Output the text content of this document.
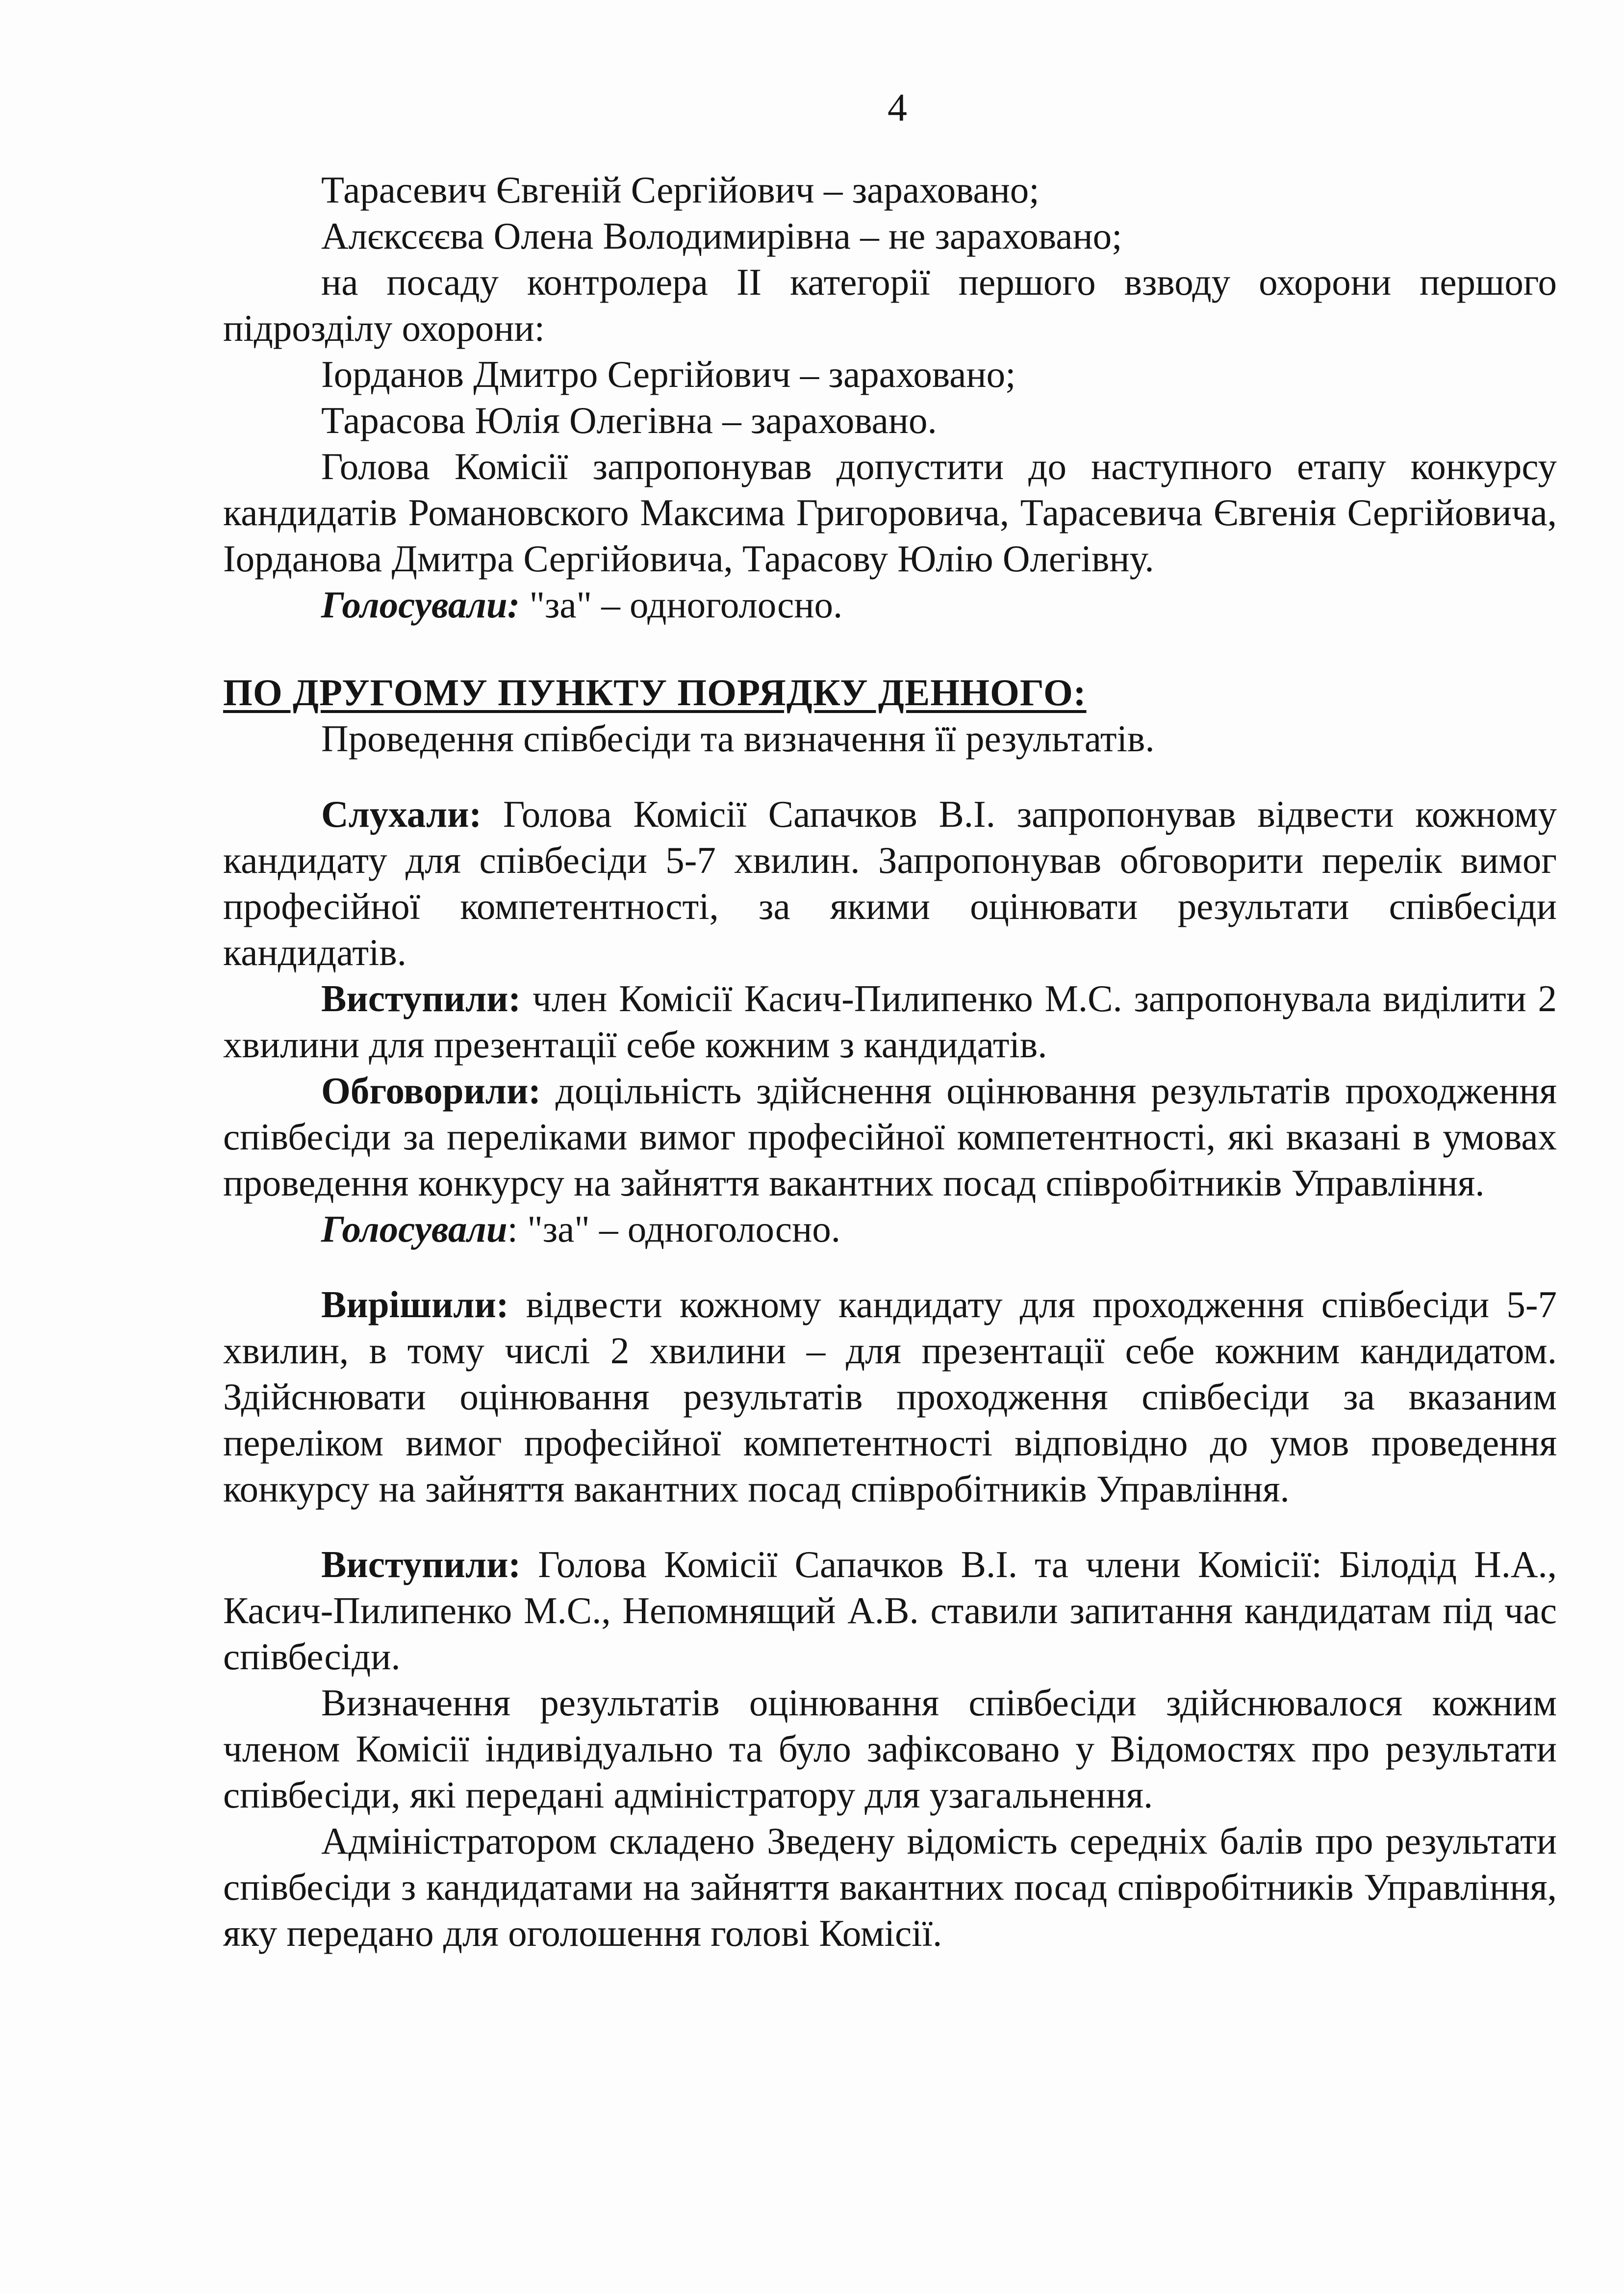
4

Тарасевич Євгеній Сергійович – зараховано;

Алєксєєва Олена Володимирівна – не зараховано;

на посаду контролера ІІ категорії першого взводу охорони першого підрозділу охорони:

Іорданов Дмитро Сергійович – зараховано;

Тарасова Юлія Олегівна – зараховано.

Голова Комісії запропонував допустити до наступного етапу конкурсу кандидатів Романовского Максима Григоровича, Тарасевича Євгенія Сергійовича, Іорданова Дмитра Сергійовича, Тарасову Юлію Олегівну.

Голосували: "за" – одноголосно.

ПО ДРУГОМУ ПУНКТУ ПОРЯДКУ ДЕННОГО:

Проведення співбесіди та визначення її результатів.

Слухали: Голова Комісії Сапачков В.І. запропонував відвести кожному кандидату для співбесіди 5-7 хвилин. Запропонував обговорити перелік вимог професійної компетентності, за якими оцінювати результати співбесіди кандидатів.

Виступили: член Комісії Касич-Пилипенко М.С. запропонувала виділити 2 хвилини для презентації себе кожним з кандидатів.

Обговорили: доцільність здійснення оцінювання результатів проходження співбесіди за переліками вимог професійної компетентності, які вказані в умовах проведення конкурсу на зайняття вакантних посад співробітників Управління.

Голосували: "за" – одноголосно.

Вирішили: відвести кожному кандидату для проходження співбесіди 5-7 хвилин, в тому числі 2 хвилини – для презентації себе кожним кандидатом. Здійснювати оцінювання результатів проходження співбесіди за вказаним переліком вимог професійної компетентності відповідно до умов проведення конкурсу на зайняття вакантних посад співробітників Управління.

Виступили: Голова Комісії Сапачков В.І. та члени Комісії: Білодід Н.А., Касич-Пилипенко М.С., Непомнящий А.В. ставили запитання кандидатам під час співбесіди.

Визначення результатів оцінювання співбесіди здійснювалося кожним членом Комісії індивідуально та було зафіксовано у Відомостях про результати співбесіди, які передані адміністратору для узагальнення.

Адміністратором складено Зведену відомість середніх балів про результати співбесіди з кандидатами на зайняття вакантних посад співробітників Управління, яку передано для оголошення голові Комісії.
